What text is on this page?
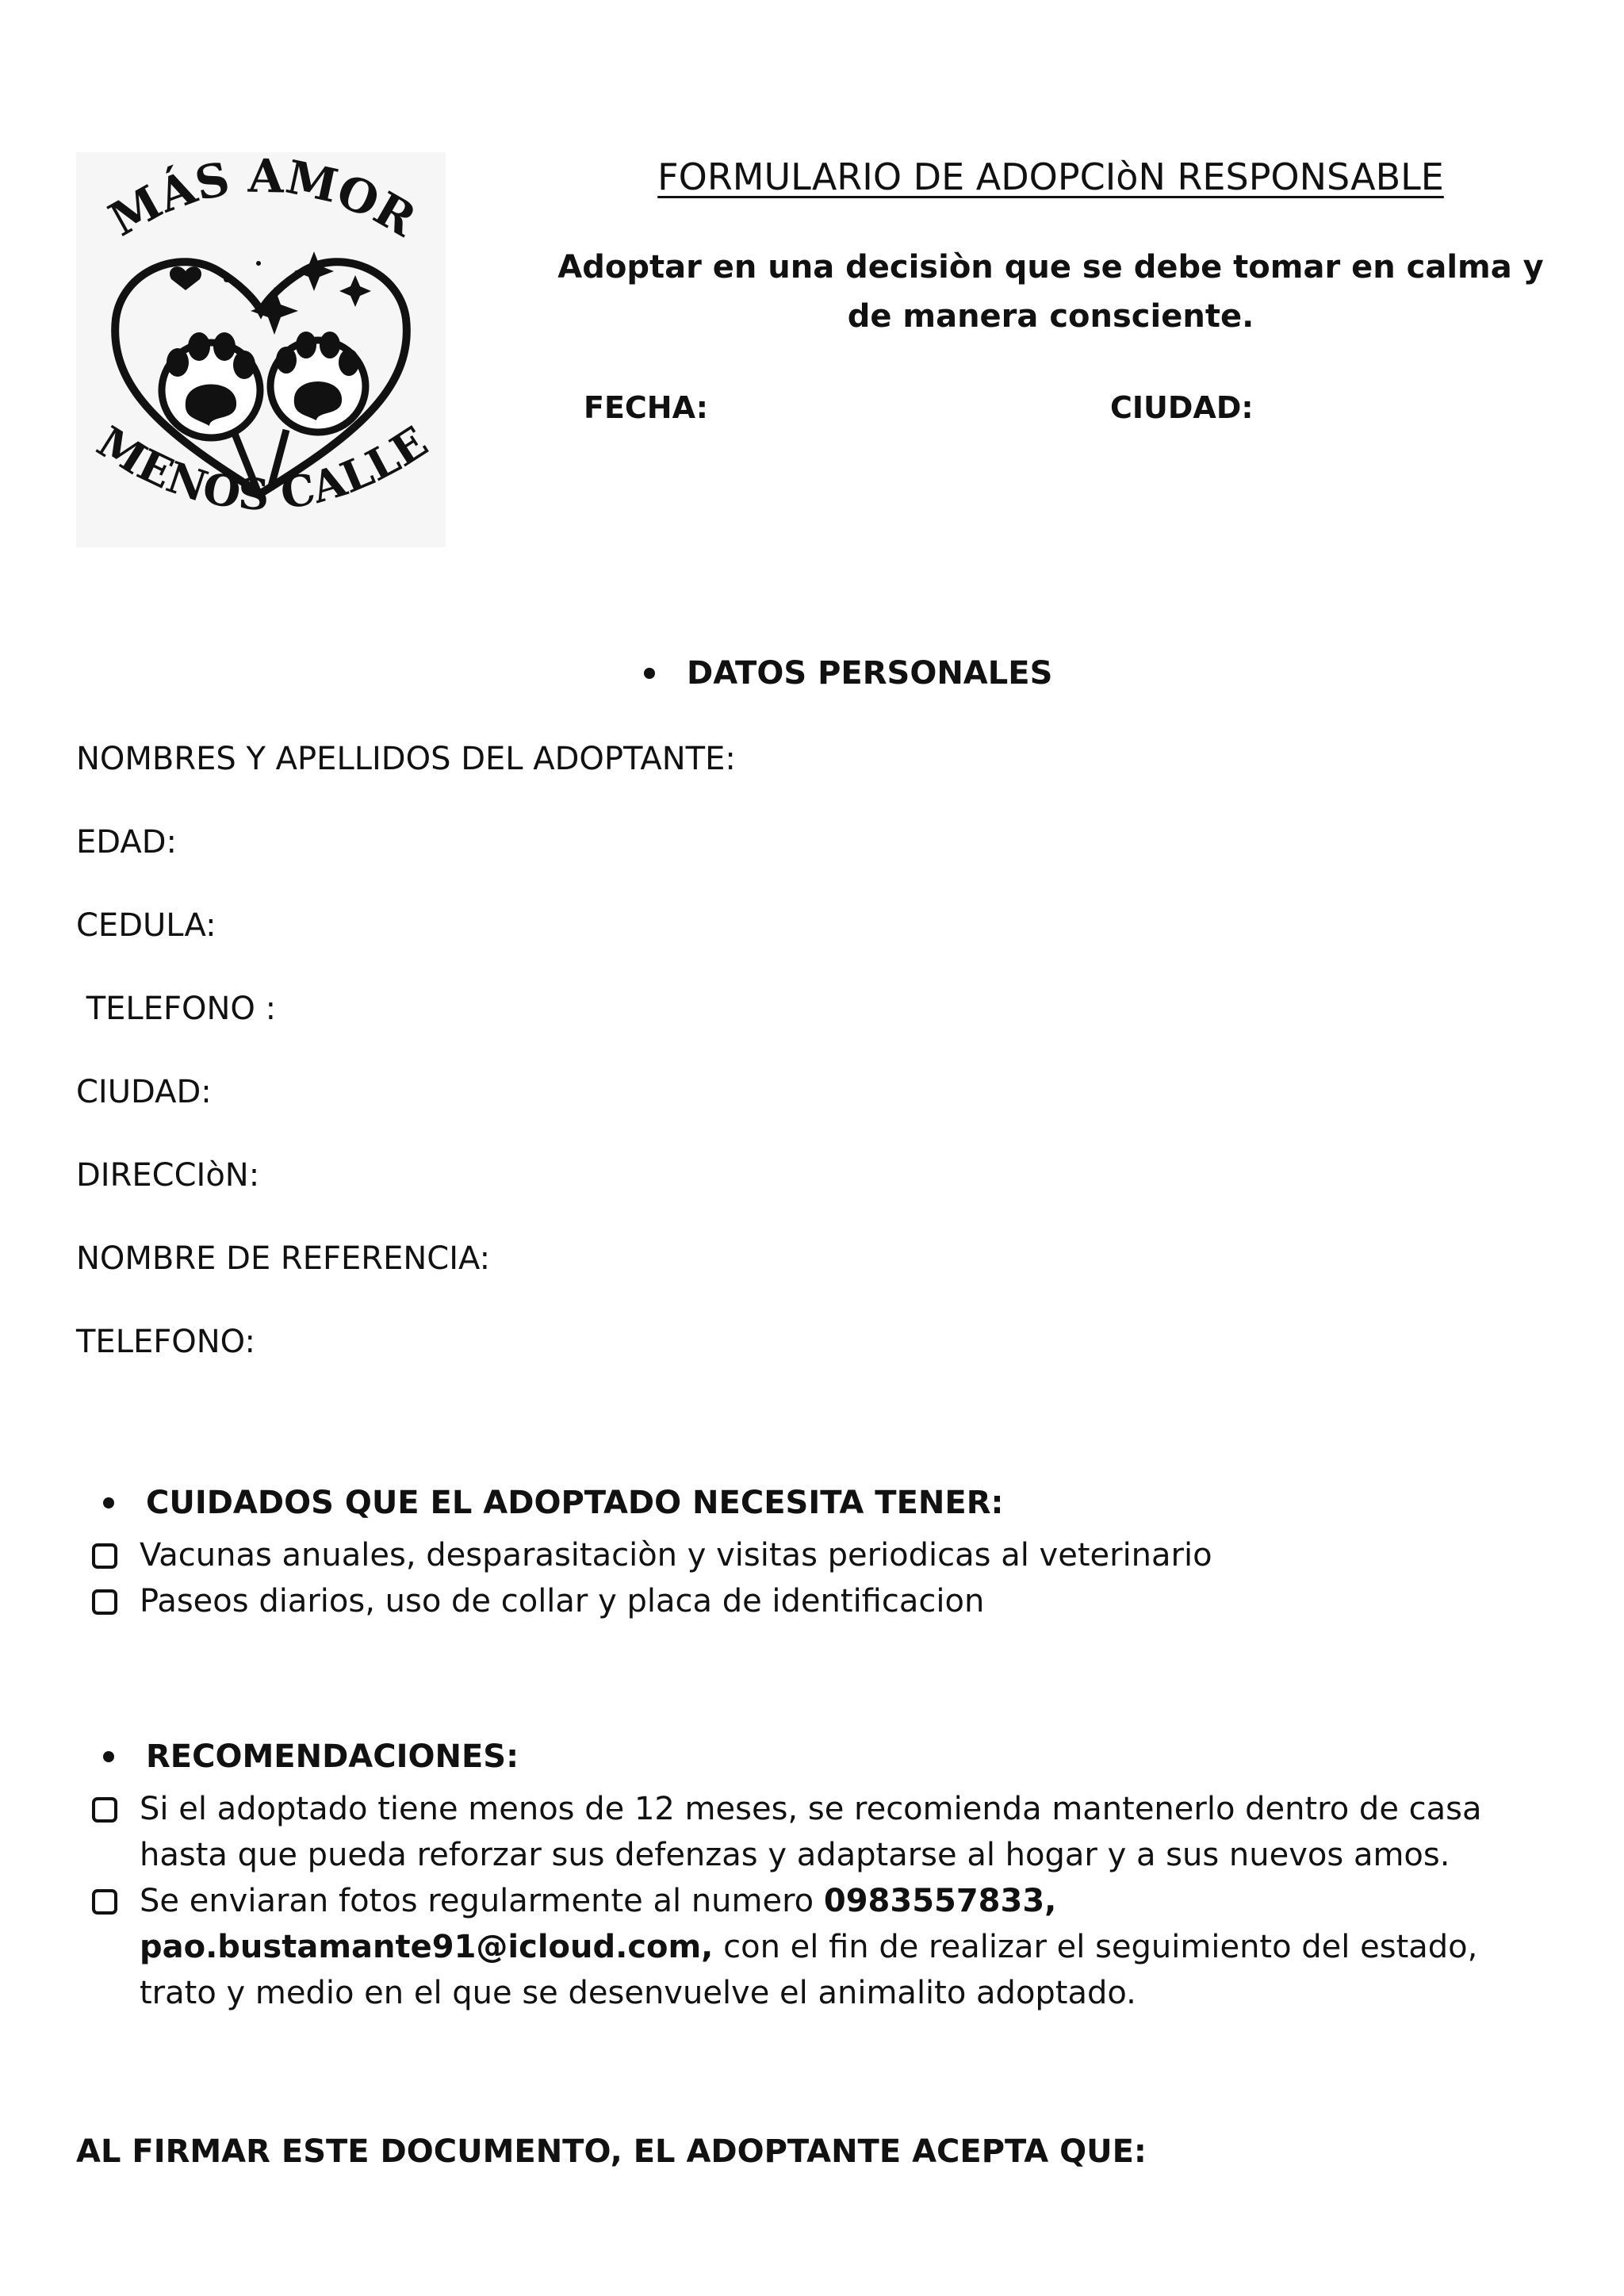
MÁS AMOR
MENOS CALLE
FORMULARIO DE ADOPCIòN RESPONSABLE
Adoptar en una decisiòn que se debe tomar en calma y de manera consciente.
FECHA:	CIUDAD:
DATOS PERSONALES
NOMBRES Y APELLIDOS DEL ADOPTANTE:
EDAD:
CEDULA:
TELEFONO :
CIUDAD:
DIRECCIòN:
NOMBRE DE REFERENCIA:
TELEFONO:
CUIDADOS QUE EL ADOPTADO NECESITA TENER:
Vacunas anuales, desparasitaciòn y visitas periodicas al veterinario
Paseos diarios, uso de collar y placa de identificacion
RECOMENDACIONES:
Si el adoptado tiene menos de 12 meses, se recomienda mantenerlo dentro de casa hasta que pueda reforzar sus defenzas y adaptarse al hogar y a sus nuevos amos.
Se enviaran fotos regularmente al numero 0983557833, pao.bustamante91@icloud.com, con el fin de realizar el seguimiento del estado, trato y medio en el que se desenvuelve el animalito adoptado.
AL FIRMAR ESTE DOCUMENTO, EL ADOPTANTE ACEPTA QUE:
